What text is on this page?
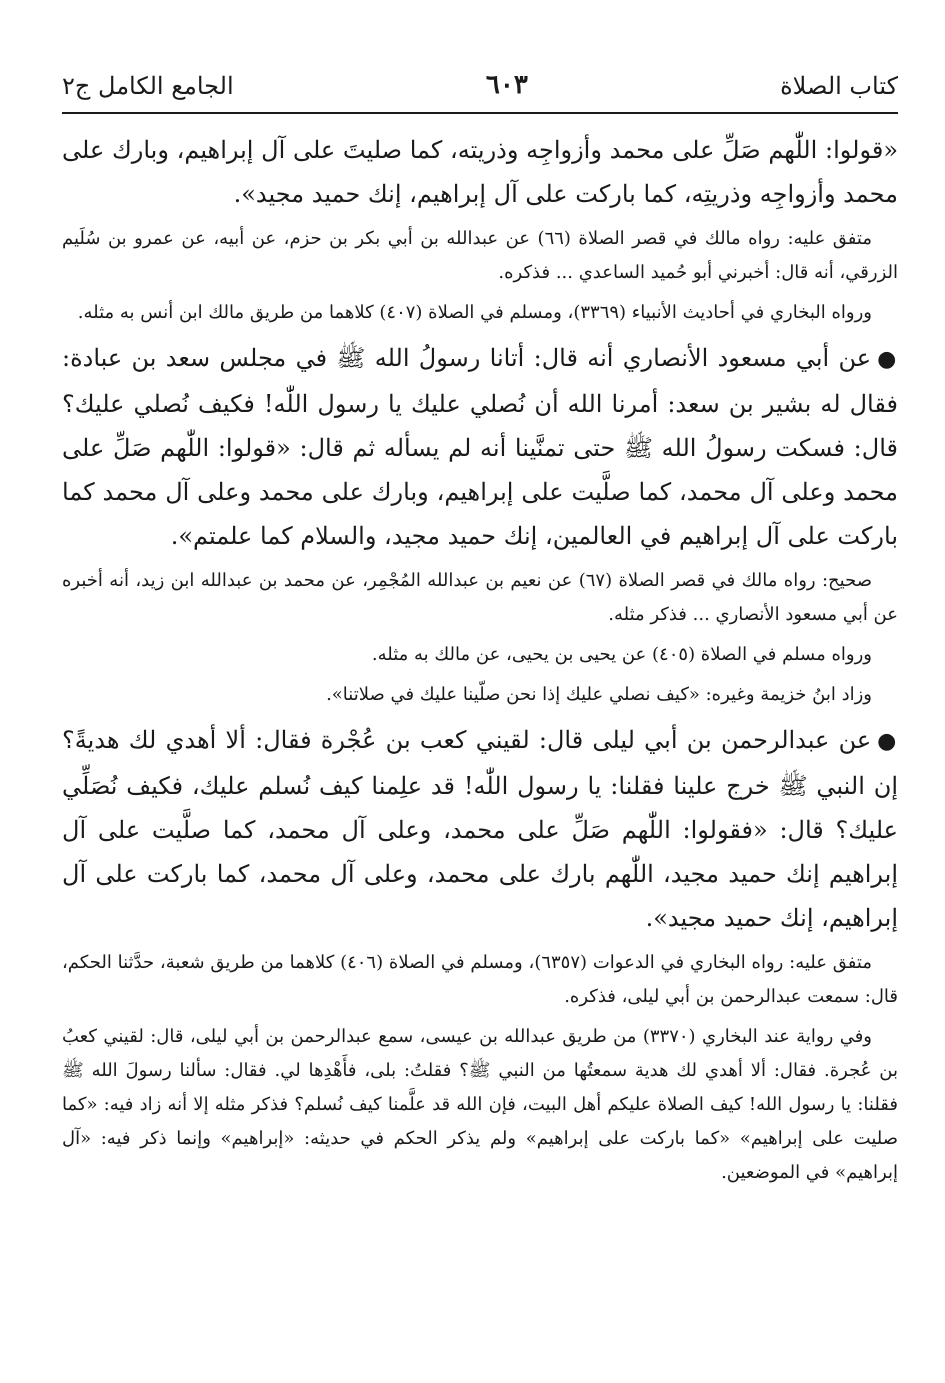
كتاب الصلاة
٦٠٣
الجامع الكامل ج٢

«قولوا: اللّٰهم صَلِّ على محمد وأزواجِه وذريته، كما صليتَ على آل إبراهيم، وبارك على محمد وأزواجِه وذريتِه، كما باركت على آل إبراهيم، إنك حميد مجيد».

متفق عليه: رواه مالك في قصر الصلاة (٦٦) عن عبدالله بن أبي بكر بن حزم، عن أبيه، عن عمرو بن سُلَيم الزرقي، أنه قال: أخبرني أبو حُميد الساعدي ... فذكره.

ورواه البخاري في أحاديث الأنبياء (٣٣٦٩)، ومسلم في الصلاة (٤٠٧) كلاهما من طريق مالك ابن أنس به مثله.

●عن أبي مسعود الأنصاري أنه قال: أتانا رسولُ الله ﷺ في مجلس سعد بن عبادة: فقال له بشير بن سعد: أمرنا الله أن نُصلي عليك يا رسول اللّٰه! فكيف نُصلي عليك؟ قال: فسكت رسولُ الله ﷺ حتى تمنَّينا أنه لم يسأله ثم قال: «قولوا: اللّٰهم صَلِّ على محمد وعلى آل محمد، كما صلَّيت على إبراهيم، وبارك على محمد وعلى آل محمد كما باركت على آل إبراهيم في العالمين، إنك حميد مجيد، والسلام كما علمتم».

صحيح: رواه مالك في قصر الصلاة (٦٧) عن نعيم بن عبدالله المُجْمِر، عن محمد بن عبدالله ابن زيد، أنه أخبره عن أبي مسعود الأنصاري ... فذكر مثله.

ورواه مسلم في الصلاة (٤٠٥) عن يحيى بن يحيى، عن مالك به مثله.

وزاد ابنُ خزيمة وغيره: «كيف نصلي عليك إذا نحن صلّينا عليك في صلاتنا».

●عن عبدالرحمن بن أبي ليلى قال: لقيني كعب بن عُجْرة فقال: ألا أهدي لك هديةً؟ إن النبي ﷺ خرج علينا فقلنا: يا رسول اللّٰه! قد علِمنا كيف نُسلم عليك، فكيف نُصَلِّي عليك؟ قال: «فقولوا: اللّٰهم صَلِّ على محمد، وعلى آل محمد، كما صلَّيت على آل إبراهيم إنك حميد مجيد، اللّٰهم بارك على محمد، وعلى آل محمد، كما باركت على آل إبراهيم، إنك حميد مجيد».

متفق عليه: رواه البخاري في الدعوات (٦٣٥٧)، ومسلم في الصلاة (٤٠٦) كلاهما من طريق شعبة، حدَّثنا الحكم، قال: سمعت عبدالرحمن بن أبي ليلى، فذكره.

وفي رواية عند البخاري (٣٣٧٠) من طريق عبدالله بن عيسى، سمع عبدالرحمن بن أبي ليلى، قال: لقيني كعبُ بن عُجرة. فقال: ألا أهدي لك هدية سمعتُها من النبي ﷺ؟ فقلتُ: بلى، فأَهْدِها لي. فقال: سألنا رسولَ الله ﷺ فقلنا: يا رسول الله! كيف الصلاة عليكم أهل البيت، فإن الله قد علَّمنا كيف نُسلم؟ فذكر مثله إلا أنه زاد فيه: «كما صليت على إبراهيم» «كما باركت على إبراهيم» ولم يذكر الحكم في حديثه: «إبراهيم» وإنما ذكر فيه: «آل إبراهيم» في الموضعين.
